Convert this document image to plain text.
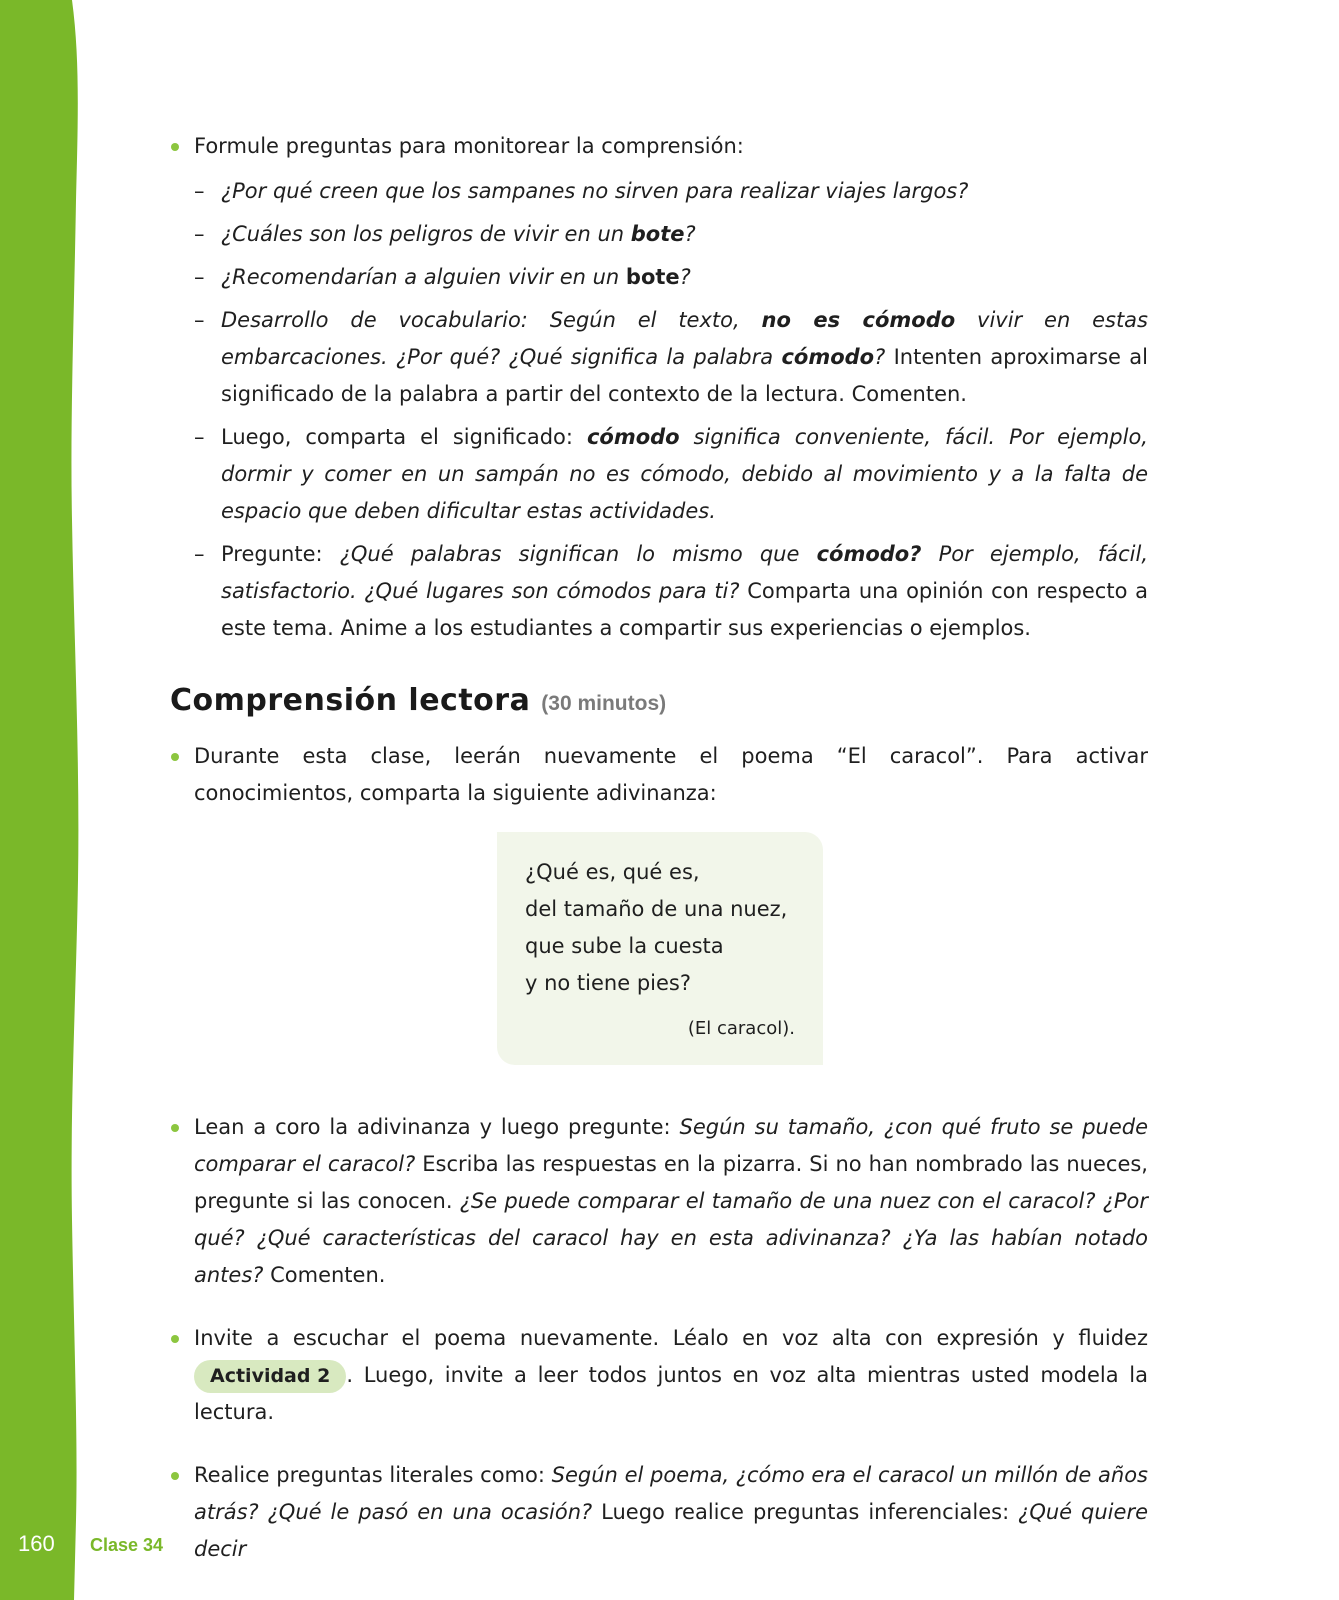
Formule preguntas para monitorear la comprensión:
– ¿Por qué creen que los sampanes no sirven para realizar viajes largos?
– ¿Cuáles son los peligros de vivir en un bote?
– ¿Recomendarían a alguien vivir en un bote?
– Desarrollo de vocabulario: Según el texto, no es cómodo vivir en estas embarcaciones. ¿Por qué? ¿Qué significa la palabra cómodo? Intenten aproximarse al significado de la palabra a partir del contexto de la lectura. Comenten.
– Luego, comparta el significado: cómodo significa conveniente, fácil. Por ejemplo, dormir y comer en un sampán no es cómodo, debido al movimiento y a la falta de espacio que deben dificultar estas actividades.
– Pregunte: ¿Qué palabras significan lo mismo que cómodo? Por ejemplo, fácil, satisfactorio. ¿Qué lugares son cómodos para ti? Comparta una opinión con respecto a este tema. Anime a los estudiantes a compartir sus experiencias o ejemplos.
Comprensión lectora (30 minutos)
Durante esta clase, leerán nuevamente el poema “El caracol”. Para activar conocimientos, comparta la siguiente adivinanza:
¿Qué es, qué es,
del tamaño de una nuez,
que sube la cuesta
y no tiene pies?
(El caracol).
Lean a coro la adivinanza y luego pregunte: Según su tamaño, ¿con qué fruto se puede comparar el caracol? Escriba las respuestas en la pizarra. Si no han nombrado las nueces, pregunte si las conocen. ¿Se puede comparar el tamaño de una nuez con el caracol? ¿Por qué? ¿Qué características del caracol hay en esta adivinanza? ¿Ya las habían notado antes? Comenten.
Invite a escuchar el poema nuevamente. Léalo en voz alta con expresión y fluidez Actividad 2 . Luego, invite a leer todos juntos en voz alta mientras usted modela la lectura.
Realice preguntas literales como: Según el poema, ¿cómo era el caracol un millón de años atrás? ¿Qué le pasó en una ocasión? Luego realice preguntas inferenciales: ¿Qué quiere decir
160 Clase 34
